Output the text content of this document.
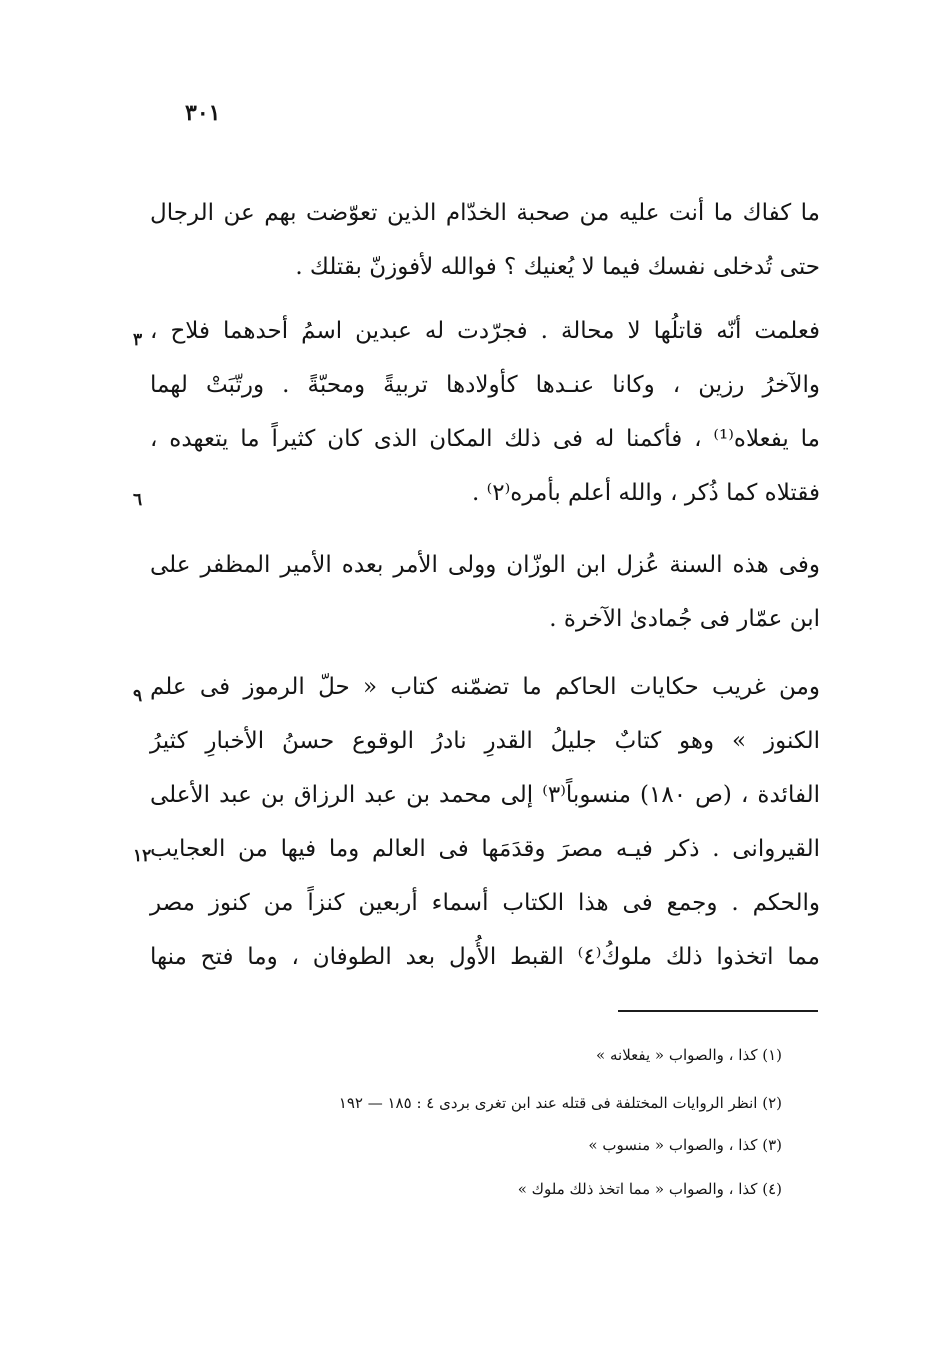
٣٠١
ما كفاك ما أنت عليه من صحبة الخدّام الذين تعوّضت بهم عن الرجال
حتى تُدخلى نفسك فيما لا يُعنيك ؟ فوالله لأفوزنّ بقتلك .
فعلمت أنّه قاتلُها لا محالة . فجرّدت له عبدين اسمُ أحدهما فلاح ،
والآخرُ رزين ، وكانا عنـدها كأولادها تربيةً ومحبّةً . ورتّبَتْ لهما
ما يفعلاه⁽¹⁾ ، فأكمنا له فى ذلك المكان الذى كان كثيراً ما يتعهده ،
فقتلاه كما ذُكر ، والله أعلم بأمره⁽٢⁾ .
وفى هذه السنة عُزل ابن الوزّان وولى الأمر بعده الأمير المظفر على
ابن عمّار فى جُمادىٰ الآخرة .
ومن غريب حكايات الحاكم ما تضمّنه كتاب « حلّ الرموز فى علم
الكنوز » وهو كتابٌ جليلُ القدرِ نادرُ الوقوع حسنُ الأخبارِ كثيرُ
الفائدة ، (ص ١٨٠) منسوباً⁽٣⁾ إلى محمد بن عبد الرزاق بن عبد الأعلى
القيروانى . ذكر فيـه مصرَ وقدَمَها فى العالم وما فيها من العجايب
والحكم . وجمع فى هذا الكتاب أسماء أربعين كنزاً من كنوز مصر
مما اتخذوا ذلك ملوكُ⁽٤⁾ القبط الأُول بعد الطوفان ، وما فتح منها
٣
٦
٩
١٢
(١) كذا ، والصواب « يفعلانه »
(٢) انظر الروايات المختلفة فى قتله عند ابن تغرى بردى ٤ : ١٨٥ — ١٩٢
(٣) كذا ، والصواب « منسوب »
(٤) كذا ، والصواب « مما اتخذ ذلك ملوك »
